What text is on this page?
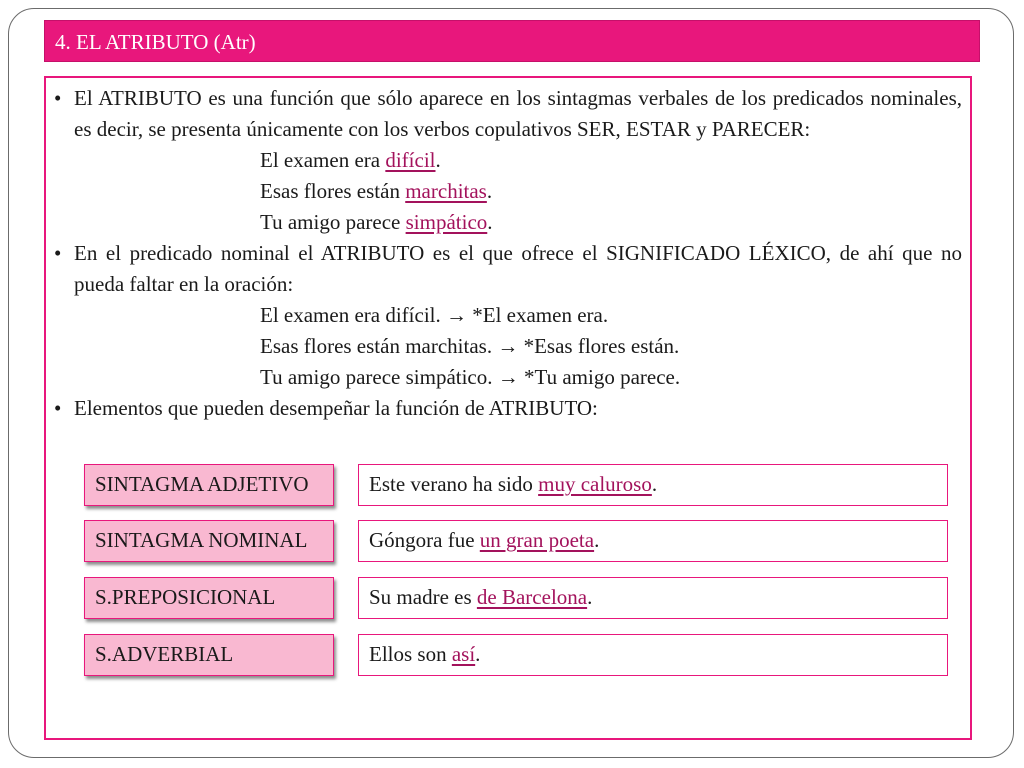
4. EL ATRIBUTO (Atr)
• El ATRIBUTO es una función que sólo aparece en los sintagmas verbales de los predicados nominales, es decir, se presenta únicamente con los verbos copulativos SER, ESTAR y PARECER:
El examen era difícil.
Esas flores están marchitas.
Tu amigo parece simpático.
• En el predicado nominal el ATRIBUTO es el que ofrece el SIGNIFICADO LÉXICO, de ahí que no pueda faltar en la oración:
El examen era difícil. → *El examen era.
Esas flores están marchitas. → *Esas flores están.
Tu amigo parece simpático. → *Tu amigo parece.
• Elementos que pueden desempeñar la función de ATRIBUTO:
SINTAGMA ADJETIVO	Este verano ha sido muy caluroso.
SINTAGMA NOMINAL	Góngora fue un gran poeta.
S.PREPOSICIONAL	Su madre es de Barcelona.
S.ADVERBIAL	Ellos son así.
